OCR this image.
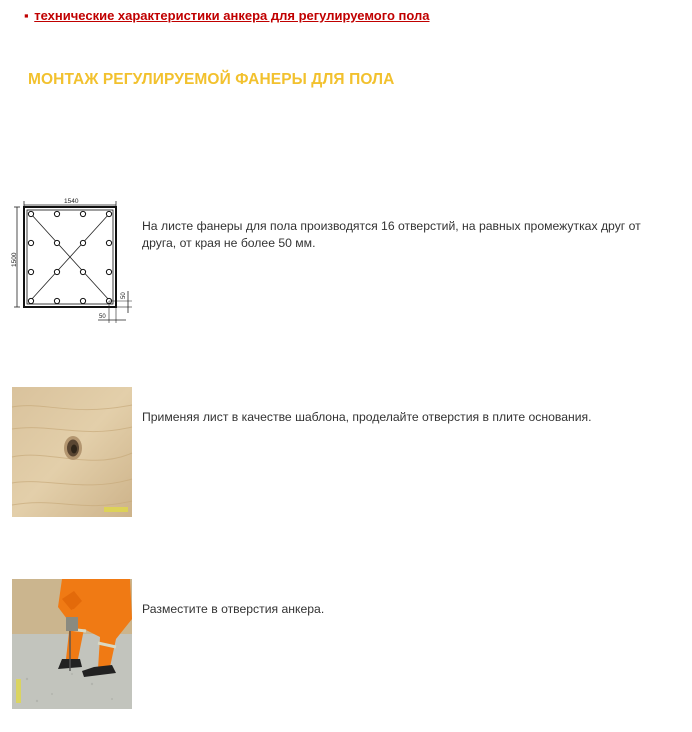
▪ технические характеристики анкера для регулируемого пола
МОНТАЖ РЕГУЛИРУЕМОЙ ФАНЕРЫ ДЛЯ ПОЛА
1540
1500
50
50
На листе фанеры для пола производятся 16 отверстий, на равных промежутках друг от друга, от края не более 50 мм.
Применяя лист в качестве шаблона, проделайте отверстия в плите основания.
Разместите в отверстия анкера.
